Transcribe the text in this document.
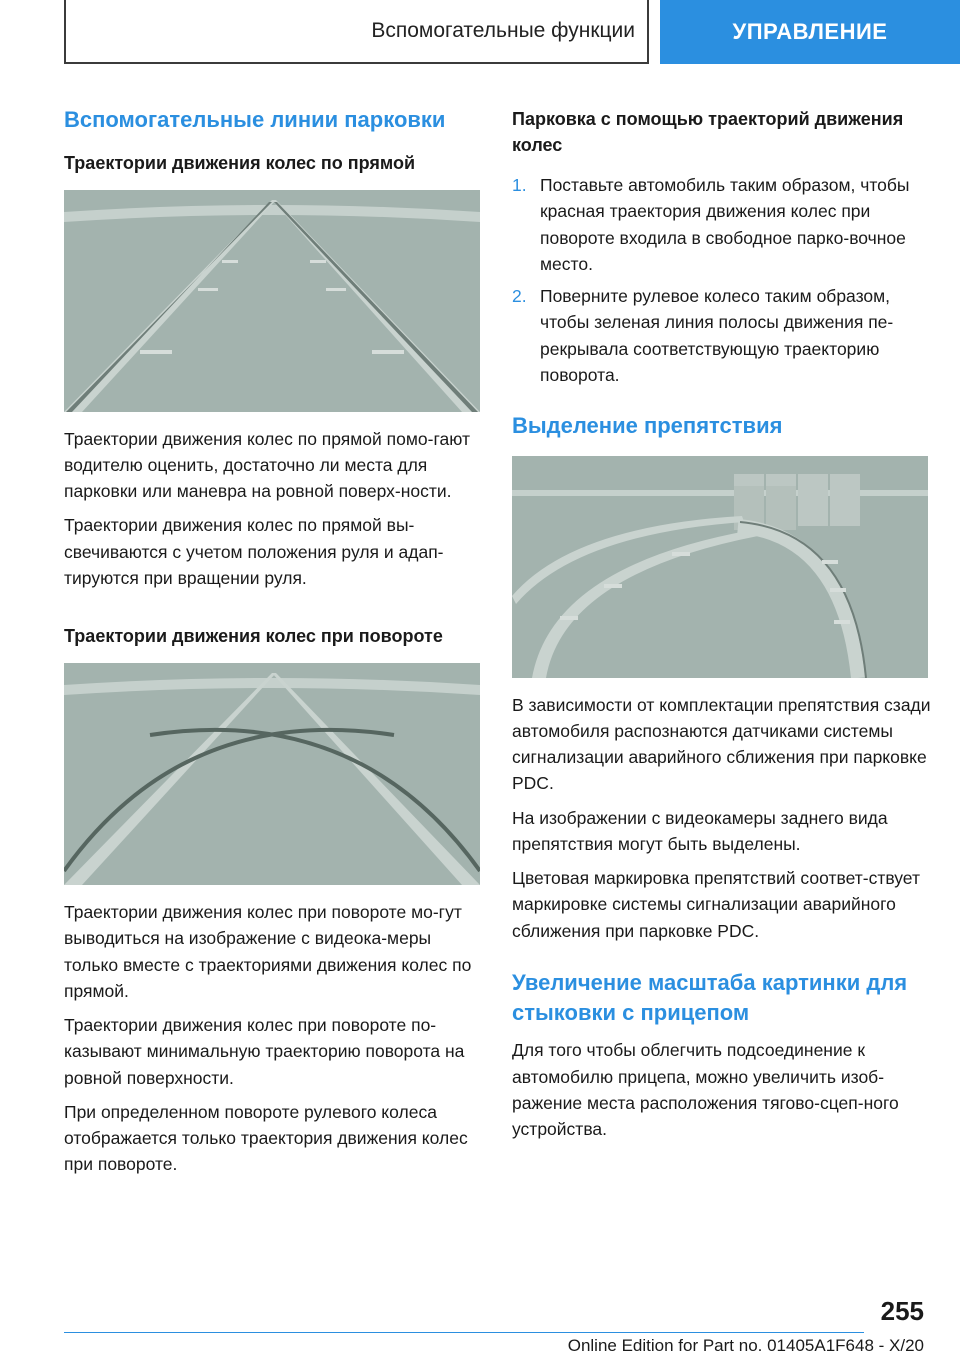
Вспомогательные функции	УПРАВЛЕНИЕ
Вспомогательные линии парковки
Траектории движения колес по прямой
Траектории движения колес по прямой помо-гают водителю оценить, достаточно ли места для парковки или маневра на ровной поверх-ности.
Траектории движения колес по прямой вы-свечиваются с учетом положения руля и адап-тируются при вращении руля.
Траектории движения колес при повороте
Траектории движения колес при повороте мо-гут выводиться на изображение с видеока-меры только вместе с траекториями движения колес по прямой.
Траектории движения колес при повороте по-казывают минимальную траекторию поворота на ровной поверхности.
При определенном повороте рулевого колеса отображается только траектория движения колес при повороте.
Парковка с помощью траекторий движения колес
1. Поставьте автомобиль таким образом, чтобы красная траектория движения колес при повороте входила в свободное парко-вочное место.
2. Поверните рулевое колесо таким образом, чтобы зеленая линия полосы движения пе-рекрывала соответствующую траекторию поворота.
Выделение препятствия
В зависимости от комплектации препятствия сзади автомобиля распознаются датчиками системы сигнализации аварийного сближения при парковке PDC.
На изображении с видеокамеры заднего вида препятствия могут быть выделены.
Цветовая маркировка препятствий соответ-ствует маркировке системы сигнализации аварийного сближения при парковке PDC.
Увеличение масштаба картинки для стыковки с прицепом
Для того чтобы облегчить подсоединение к автомобилю прицепа, можно увеличить изоб-ражение места расположения тягово-сцеп-ного устройства.
255
Online Edition for Part no. 01405A1F648 - X/20
